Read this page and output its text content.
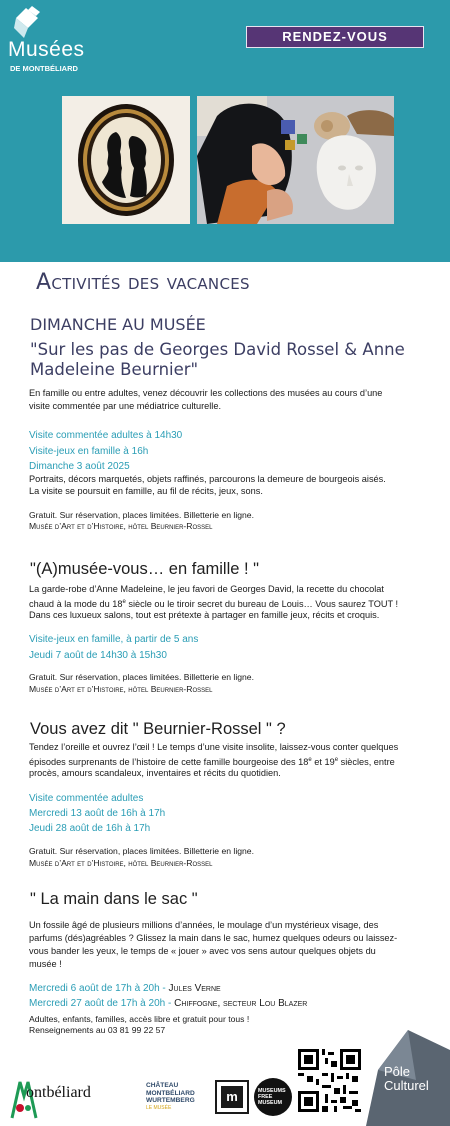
Musées
DE MONTBÉLIARD
RENDEZ-VOUS
Activités des vacances
DIMANCHE AU MUSÉE
"Sur les pas de Georges David Rossel & Anne
Madeleine Beurnier"
En famille ou entre adultes, venez découvrir les collections des musées au cours d’une
visite commentée par une médiatrice culturelle.
Visite commentée adultes à 14h30
Visite-jeux en famille à 16h
Dimanche 3 août 2025
Portraits, décors marquetés, objets raffinés, parcourons la demeure de bourgeois aisés.
La visite se poursuit en famille, au fil de récits, jeux, sons.
Gratuit. Sur réservation, places limitées. Billetterie en ligne.
Musée d’Art et d’Histoire, hôtel Beurnier-Rossel
"(A)musée-vous… en famille ! "
La garde-robe d’Anne Madeleine, le jeu favori de Georges David, la recette du chocolat
chaud à la mode du 18e siècle ou le tiroir secret du bureau de Louis… Vous saurez TOUT !
Dans ces luxueux salons, tout est prétexte à partager en famille jeux, récits et croquis.
Visite-jeux en famille, à partir de 5 ans
Jeudi 7 août de 14h30 à 15h30
Gratuit. Sur réservation, places limitées. Billetterie en ligne.
Musée d’Art et d’Histoire, hôtel Beurnier-Rossel
Vous avez dit " Beurnier-Rossel " ?
Tendez l’oreille et ouvrez l’œil ! Le temps d’une visite insolite, laissez-vous conter quelques
épisodes surprenants de l’histoire de cette famille bourgeoise des 18e et 19e siècles, entre
procès, amours scandaleux, inventaires et récits du quotidien.
Visite commentée adultes
Mercredi 13 août de 16h à 17h
Jeudi 28 août de 16h à 17h
Gratuit. Sur réservation, places limitées. Billetterie en ligne.
Musée d’Art et d’Histoire, hôtel Beurnier-Rossel
" La main dans le sac "
Un fossile âgé de plusieurs millions d’années, le moulage d’un mystérieux visage, des
parfums (dés)agréables ? Glissez la main dans le sac, humez quelques odeurs ou laissez-
vous bander les yeux, le temps de « jouer » avec vos sens autour quelques objets du
musée !
Mercredi 6 août de 17h à 20h - Jules Verne
Mercredi 27 août de 17h à 20h - Chiffogne, secteur Lou Blazer
Adultes, enfants, familles, accès libre et gratuit pour tous !
Renseignements au 03 81 99 22 57
ontbéliard	CHÂTEAU
MONTBÉLIARD
WURTEMBERG
LE MUSÉE
m	MUSEUMS FREE MUSEUM
Pôle
Culturel
